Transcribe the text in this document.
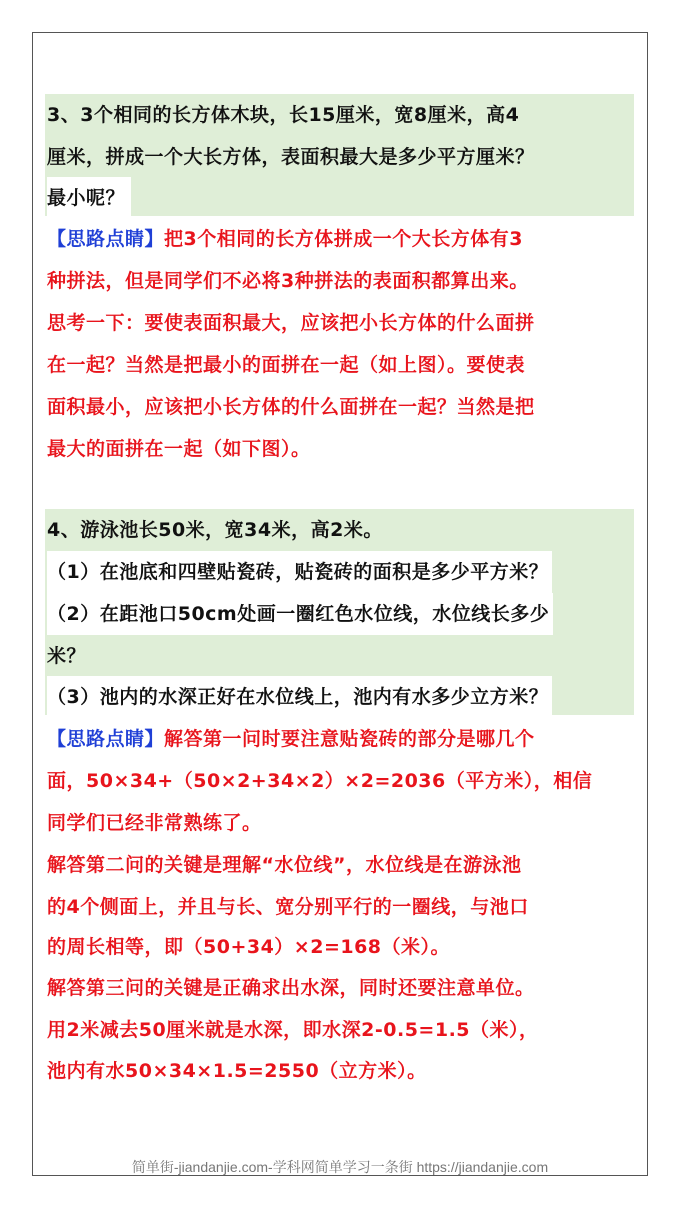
3、3个相同的长方体木块，长15厘米，宽8厘米，高4
厘米，拼成一个大长方体，表面积最大是多少平方厘米？
最小呢？
【思路点睛】把3个相同的长方体拼成一个大长方体有3
种拼法，但是同学们不必将3种拼法的表面积都算出来。
思考一下：要使表面积最大，应该把小长方体的什么面拼
在一起？当然是把最小的面拼在一起（如上图）。要使表
面积最小，应该把小长方体的什么面拼在一起？当然是把
最大的面拼在一起（如下图）。
4、游泳池长50米，宽34米，高2米。
（1）在池底和四壁贴瓷砖，贴瓷砖的面积是多少平方米？
（2）在距池口50cm处画一圈红色水位线，水位线长多少
米？
（3）池内的水深正好在水位线上，池内有水多少立方米？
【思路点睛】解答第一问时要注意贴瓷砖的部分是哪几个
面，50×34+（50×2+34×2）×2=2036（平方米），相信
同学们已经非常熟练了。
解答第二问的关键是理解“水位线”，水位线是在游泳池
的4个侧面上，并且与长、宽分别平行的一圈线，与池口
的周长相等，即（50+34）×2=168（米）。
解答第三问的关键是正确求出水深，同时还要注意单位。
用2米减去50厘米就是水深，即水深2-0.5=1.5（米），
池内有水50×34×1.5=2550（立方米）。
简单街-jiandanjie.com-学科网简单学习一条街 https://jiandanjie.com
